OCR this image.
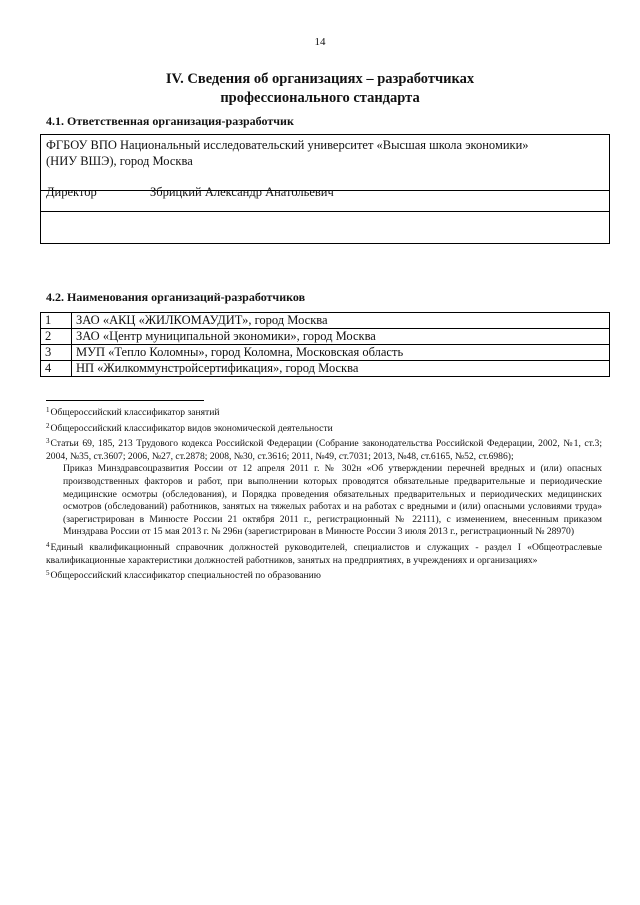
14
IV. Сведения об организациях – разработчиках
профессионального стандарта
4.1. Ответственная организация-разработчик
ФГБОУ ВПО Национальный исследовательский университет «Высшая школа экономики»
(НИУ ВШЭ), город Москва
Директор	Збрицкий Александр Анатольевич
4.2. Наименования организаций-разработчиков
1	ЗАО «АКЦ «ЖИЛКОМАУДИТ», город Москва
2	ЗАО «Центр муниципальной экономики», город Москва
3	МУП «Тепло Коломны», город Коломна, Московская область
4	НП «Жилкоммунстройсертификация», город Москва

$^1$Общероссийский классификатор занятий

$^2$Общероссийский классификатор видов экономической деятельности

$^3$Статьи 69, 185, 213 Трудового кодекса Российской Федерации (Собрание законодательства Российской Федерации, 2002, №1, ст.3; 2004, №35, ст.3607; 2006, №27, ст.2878; 2008, №30, ст.3616; 2011, №49, ст.7031; 2013, №48, ст.6165, №52, ст.6986);

Приказ Минздравсоцразвития России от 12 апреля 2011 г. № 302н «Об утверждении перечней вредных и (или) опасных производственных факторов и работ, при выполнении которых проводятся обязательные предварительные и периодические медицинские осмотры (обследования), и Порядка проведения обязательных предварительных и периодических медицинских осмотров (обследований) работников, занятых на тяжелых работах и на работах с вредными и (или) опасными условиями труда» (зарегистрирован в Минюсте России 21 октября 2011 г., регистрационный № 22111), с изменением, внесенным приказом Минздрава России от 15 мая 2013 г. № 296н (зарегистрирован в Минюсте России 3 июля 2013 г., регистрационный № 28970)

$^4$Единый квалификационный справочник должностей руководителей, специалистов и служащих - раздел I «Общеотраслевые квалификационные характеристики должностей работников, занятых на предприятиях, в учреждениях и организациях»

$^5$Общероссийский классификатор специальностей по образованию
